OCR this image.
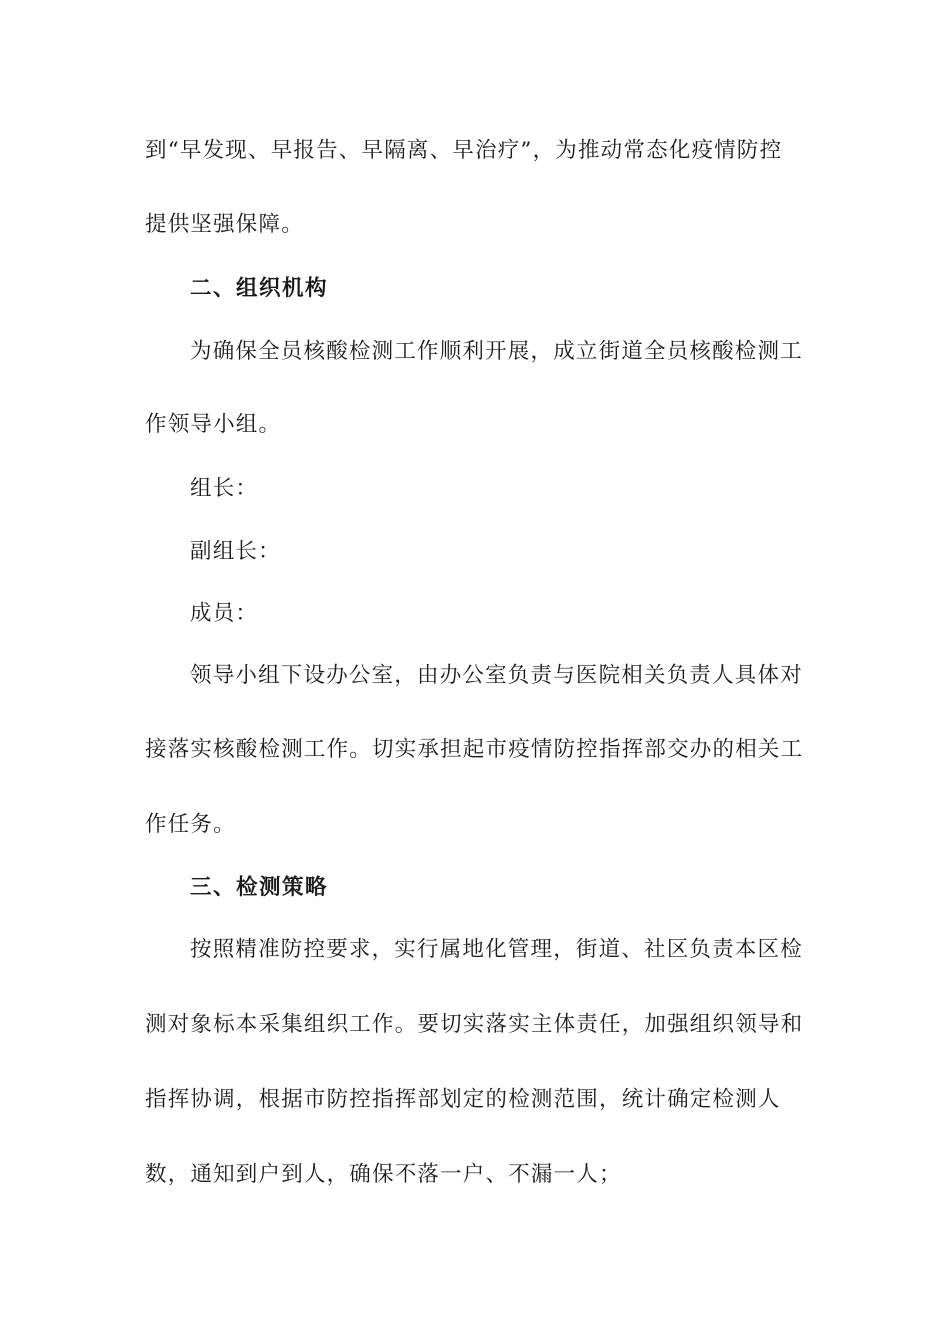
到“早发现、早报告、早隔离、早治疗”，为推动常态化疫情防控
提供坚强保障。
二、组织机构
为确保全员核酸检测工作顺利开展，成立街道全员核酸检测工
作领导小组。
组长：
副组长：
成员：
领导小组下设办公室，由办公室负责与医院相关负责人具体对
接落实核酸检测工作。切实承担起市疫情防控指挥部交办的相关工
作任务。
三、检测策略
按照精准防控要求，实行属地化管理，街道、社区负责本区检
测对象标本采集组织工作。要切实落实主体责任，加强组织领导和
指挥协调，根据市防控指挥部划定的检测范围，统计确定检测人
数，通知到户到人，确保不落一户、不漏一人；
